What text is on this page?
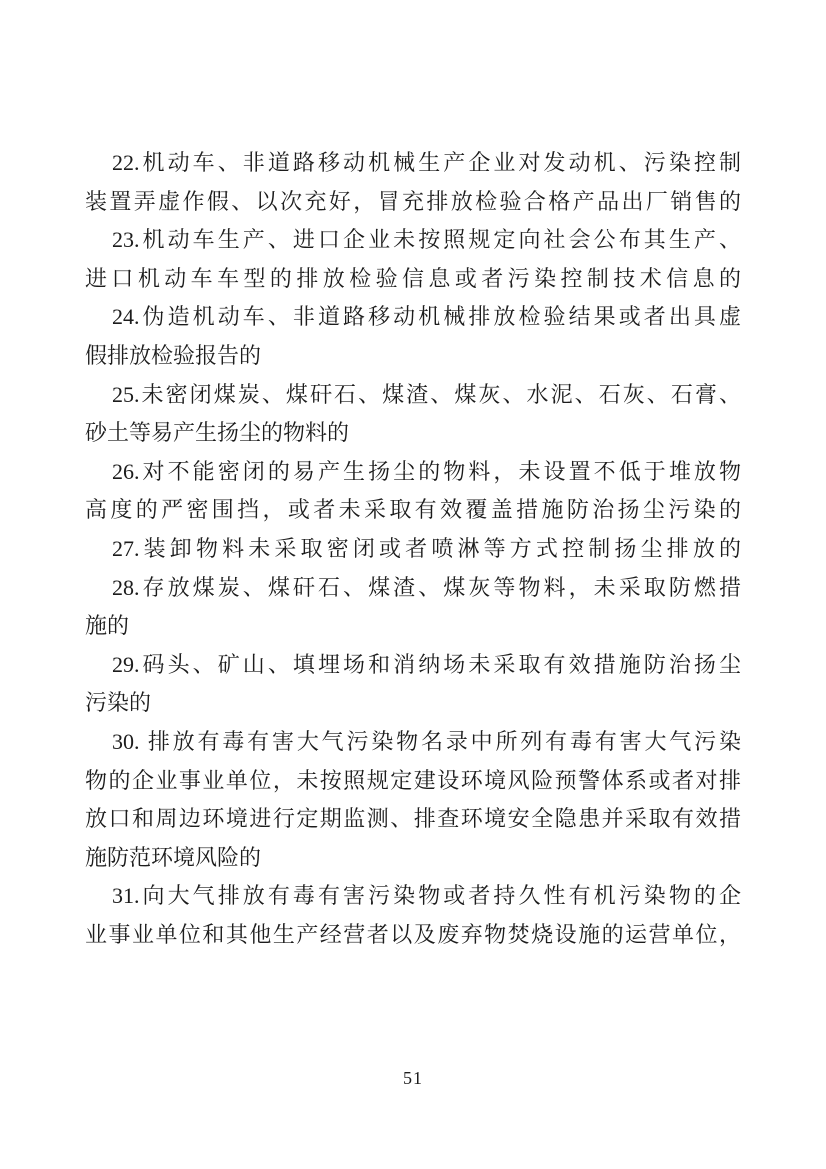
22.机动车、非道路移动机械生产企业对发动机、污染控制
装置弄虚作假、以次充好，冒充排放检验合格产品出厂销售的
23.机动车生产、进口企业未按照规定向社会公布其生产、
进口机动车车型的排放检验信息或者污染控制技术信息的
24.伪造机动车、非道路移动机械排放检验结果或者出具虚
假排放检验报告的
25.未密闭煤炭、煤矸石、煤渣、煤灰、水泥、石灰、石膏、
砂土等易产生扬尘的物料的
26.对不能密闭的易产生扬尘的物料，未设置不低于堆放物
高度的严密围挡，或者未采取有效覆盖措施防治扬尘污染的
27.装卸物料未采取密闭或者喷淋等方式控制扬尘排放的
28.存放煤炭、煤矸石、煤渣、煤灰等物料，未采取防燃措
施的
29.码头、矿山、填埋场和消纳场未采取有效措施防治扬尘
污染的
30. 排放有毒有害大气污染物名录中所列有毒有害大气污染
物的企业事业单位，未按照规定建设环境风险预警体系或者对排
放口和周边环境进行定期监测、排查环境安全隐患并采取有效措
施防范环境风险的
31.向大气排放有毒有害污染物或者持久性有机污染物的企
业事业单位和其他生产经营者以及废弃物焚烧设施的运营单位，
51
